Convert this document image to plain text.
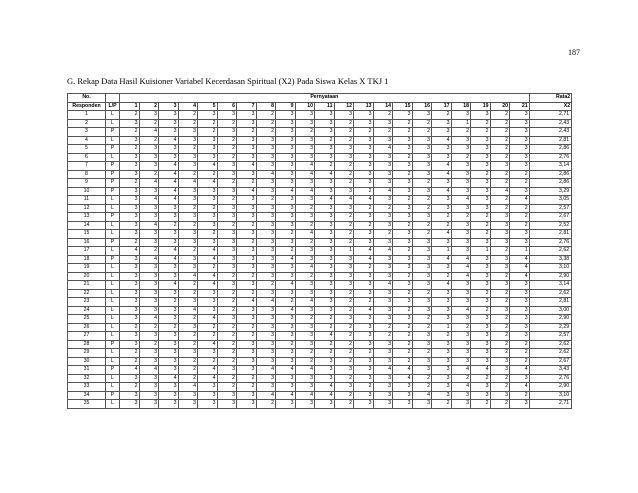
187
G. Rekap Data Hasil Kuisioner Variabel Kecerdasan Spiritual (X2) Pada Siswa Kelas X TKJ 1
No.		Pernyataan																					Rata2
Responden	L/P	1	2	3	4	5	6	7	8	9	10	11	12	13	14	15	16	17	18	19	20	21	X2
1	L	2	3	3	2	3	3	3	2	3	3	3	3	3	2	3	3	2	3	3	2	3	2,71
2	L	3	2	3	2	2	2	3	2	3	3	3	2	3	3	2	2	3	1	2	2	3	2,43
3	P	2	4	3	3	2	3	2	2	3	2	3	2	2	2	2	2	3	2	2	2	3	2,43
4	L	3	2	4	3	3	2	3	3	3	3	2	2	3	3	3	3	4	3	3	2	3	2,81
5	P	2	3	3	2	3	2	3	3	3	3	3	3	3	4	3	3	3	3	3	2	3	2,86
6	L	3	3	3	3	3	2	3	3	3	3	3	3	3	3	2	3	3	2	3	2	3	2,76
7	P	3	3	4	3	4	3	4	3	3	4	2	2	3	3	3	3	4	3	3	3	3	3,14
8	P	3	2	4	2	2	3	3	4	3	4	4	2	3	3	2	3	4	3	2	2	2	2,86
9	P	2	4	4	4	4	2	2	3	3	3	3	2	3	3	3	2	3	3	3	2	2	2,86
10	P	3	3	4	3	3	3	4	3	4	4	3	3	2	4	3	3	4	3	3	4	3	3,29
11	L	3	4	4	3	3	2	3	2	3	3	4	4	4	3	2	2	3	4	3	2	4	3,05
12	L	3	3	3	2	2	3	3	3	3	2	3	3	2	2	3	2	3	3	3	2	2	2,57
13	P	3	3	3	3	3	3	3	3	3	3	3	2	3	3	3	3	2	2	2	3	2	2,67
14	L	3	4	2	2	3	2	2	3	3	2	3	2	2	3	2	2	2	3	2	3	2	2,52
15	L	3	3	3	3	2	3	3	3	2	4	3	2	3	2	3	2	4	3	2	3	3	2,81
16	P	2	3	3	3	3	3	2	3	3	2	3	2	3	3	3	3	3	3	3	3	3	2,76
17	L	4	2	4	2	4	3	3	3	2	3	3	1	4	4	2	3	1	3	1	2	1	2,62
18	P	3	4	4	3	4	3	3	3	4	3	3	3	4	3	3	3	4	4	3	3	4	3,38
19	L	3	3	3	3	2	3	3	3	3	4	3	3	2	3	3	3	3	4	3	3	4	3,10
20	L	3	3	3	4	4	2	2	3	3	2	3	3	3	3	2	3	2	4	3	2	4	2,90
21	L	3	3	4	2	4	3	3	2	4	3	3	3	3	4	3	3	4	3	3	3	3	3,14
22	L	3	3	3	2	3	2	2	3	3	3	3	2	3	3	2	2	3	3	2	2	3	2,62
23	L	3	3	2	3	3	2	4	4	2	4	3	2	2	3	3	3	3	3	3	2	3	2,81
24	L	3	3	3	4	3	2	3	3	4	3	3	2	4	3	2	3	3	4	2	3	3	3,00
25	L	3	4	3	2	4	3	3	3	3	2	2	3	3	3	3	2	3	3	3	2	3	2,90
26	L	2	2	2	3	2	2	2	3	3	3	2	2	3	2	2	2	1	2	3	2	3	2,29
27	L	3	3	3	2	2	2	2	3	3	3	4	2	3	2	2	3	2	3	3	2	3	2,57
28	P	3	2	3	2	4	2	3	3	2	3	2	2	3	3	2	3	3	3	3	2	2	2,62
29	L	2	3	3	3	3	2	3	3	3	2	2	2	2	3	2	2	3	3	3	2	2	2,62
30	L	2	3	3	2	2	2	3	3	3	2	3	2	3	3	2	3	3	3	3	3	2	2,67
31	P	4	4	3	2	4	3	3	4	4	4	3	3	3	4	4	3	3	4	4	3	4	3,43
32	L	3	3	4	2	4	2	2	3	3	3	3	2	3	3	4	2	3	2	2	2	3	2,76
33	L	2	3	3	4	3	2	2	3	3	3	4	3	2	3	3	2	3	4	3	2	4	2,90
34	P	3	3	3	3	3	3	3	4	4	4	4	2	3	3	3	4	3	3	3	3	2	3,10
35	L	3	3	3	3	3	3	3	2	3	3	3	2	3	3	3	3	2	3	2	2	3	2,71
